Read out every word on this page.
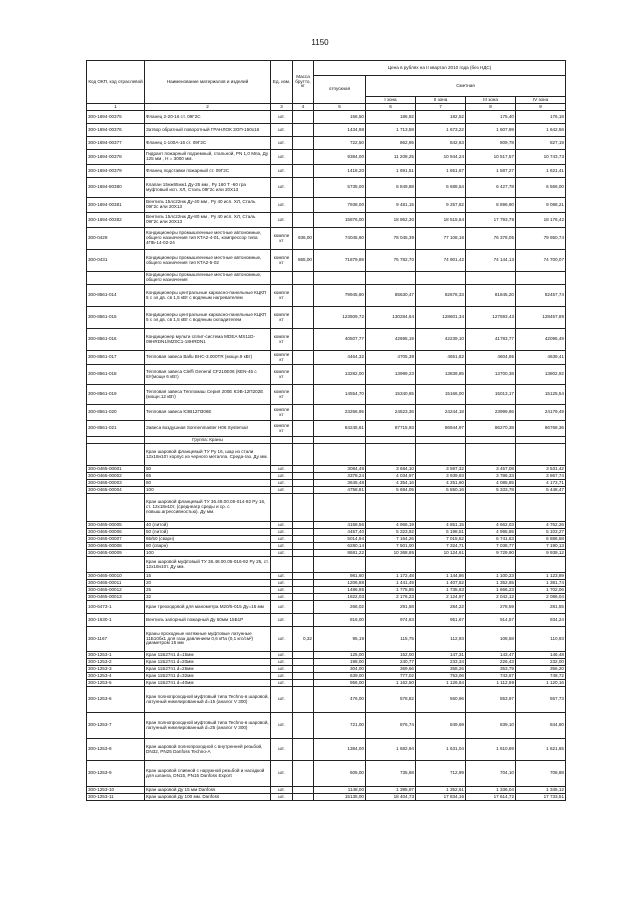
1150
Код ОКП, код отраслевой	Наименование материалов и изделий	Ед. изм.	Масса брутто, кг	Цена в рублях на II квартал 2010 года (без НДС)				
				отпускная	Сметная			
					I зона	II зона	III зона	IV зона
1	2	3	4	5	6	7	8	9
300-1694-00375	Фланец 2-20-16 ст. 09Г2С	шт.		156,50	186,92	182,52	175,40	176,18
300-1694-00376	Затвор обратный поворотный ГРАНЛОК ЗОП-150х16	шт.		1434,98	1 713,58	1 673,22	1 607,99	1 642,56
300-1694-00377	Фланец 1-100А-16 ст. 09Г2С	шт.		722,50	862,95	842,63	809,78	827,19
300-1694-00378	Гидрант пожарный подземный, стальной, PN 1,0 Мпа, Ду 125 мм , Н = 3000 мм.	шт.		9384,00	11 208,25	10 944,24	10 517,57	10 743,73
300-1694-00379	Фланец подставки пожарный ст. 09Г2С	шт.		1418,20	1 691,51	1 651,67	1 587,27	1 621,41
300-1694-80380	Клапан 15нж65нж1 Ду-25 мм , Ру 160 Т -60 гра муфтовый исп. ХЛ, Сталь 09Г2с или 20Х13	шт.		5735,00	6 849,88	6 688,54	6 427,78	6 566,00
300-1694-00381	Вентиль 15лс22нж Ду-40 мм , Ру 40 исп. ХЛ, Сталь 09Г2с или 20Х13	шт.		7938,00	9 481,15	9 257,82	8 896,90	9 088,21
300-1694-00382	Вентиль 15лс22нж Ду-80 мм , Ру 40 исп. ХЛ, Сталь 09Г2с или 20Х13	шт.		15876,00	18 962,30	18 515,64	17 793,79	18 176,42
300-0429	Кондиционеры промышленные местные автономные, общего назначения тип КТА2-4-01, компрессор типа 4ПБ-14-02-24	компле кт	936,00	74045,60	78 045,39	77 108,16	76 378,05	79 950,74
300-0431	Кондиционеры промышленные местные автономные, общего назначения тип КТА2-5-02	компле кт	865,00	71879,89	75 782,70	74 901,42	74 144,13	74 700,07
	Кондиционеры промышленные местные автономные, общего назначения							
300-8561-014	Кондиционеры центральные каркасно-панельные КЦКП 5 с эл.дв. св 1,5 кВт с водяным нагревателем	компле кт		79945,80	85630,47	82678,33	81845,20	82457,74
300-8561-015	Кондиционеры центральные каркасно-панельные КЦКП 5 с эл.дв. св 1,5 кВт с водяным охладителем	компле кт		123509,72	130284,64	128601,34	127593,43	128457,89
300-8561-016	Кондиционер мульти сплит-система MDEA MS11D-09HRDN1/MZ0C1-18HRDN1	компле кт		40507,77	42695,19	42239,10	41783,77	42096,49
300-8561-017	Тепловая завеса Ballu BHC-3.000TR (мощн.9 кВт)	компле кт		4464,32	4705,39	4651,82	4604,95	4639,41
300-8561-018	Тепловая завеса Cleffi General CF210E06 (КЕN-45 с 6У(мощн 6 кВт)	компле кт		13282,00	13999,23	13839,85	13700,38	13802,92
300-8561-019	Тепловая завеса Тепломаш Серия 200Е КЭВ-12П202Е (мощн.12 кВт)	компле кт		14554,70	15340,65	15166,00	15013,17	15125,54
300-8561-020	Тепловая завеса КЭВ12П306Е	компле кт		23266,95	24523,36	24244,18	23999,86	24179,49
300-8561-021	Завеса воздушная Sonnenmaster H06 Systemair	компле кт		84245,61	87715,93	86944,97	86270,38	86768,36
	Группа: Краны							
	Кран шаровой фланцевый ТУ Ру 16, шар из стали 12х18н10т корпус из черного металла. Среда-газ. Ду мм.							
300-0465-00001	50	шт.		3084,48	3 684,10	3 597,32	3 457,08	3 531,42
300-0465-00002	65	шт.		3378,24	4 034,97	3 939,93	3 786,33	3 867,74
300-0465-00003	80	шт.		3645,48	4 354,16	4 251,60	4 085,85	4 173,71
300-0465-00004	100	шт.		4758,81	5 684,05	5 550,16	5 333,78	5 448,47
	Кран шаровой фланцевый ТУ 36.48.00.05-014-92 Ру 16, ст. 12х18н10т, (среднеагр среды и ср. с повыш.агрессивностью). Ду мм.							
300-0465-00005	40 (литой)	шт.		4158,56	4 966,19	4 851,15	4 662,03	4 762,26
300-0465-00006	50 (литой)	шт.		4457,40	5 323,92	5 198,51	4 995,85	5 103,27
300-0465-00007	65/50 (сварн)	шт.		5014,94	7 164,26	7 015,52	6 741,63	6 886,58
300-0465-00008	80 (сварн)	шт.		6280,14	7 501,00	7 324,71	7 038,77	7 190,13
300-0465-00009	100	шт.		8681,22	10 368,85	10 124,61	9 729,90	9 939,12
	Кран шаровой муфтовый ТУ 36.48.00.05-016-92 Ру 25, ст. 12х18н10т. Ду мм.							
300-0465-00010	15	шт.		981,60	1 172,48	1 144,86	1 100,23	1 123,89
300-0465-00011	20	шт.		1206,88	1 441,49	1 407,52	1 352,65	1 381,74
300-0465-00012	25	шт.		1486,85	1 775,85	1 735,63	1 666,23	1 702,06
300-0465-00013	32	шт.		1822,03	2 176,23	2 124,97	2 042,12	2 086,04
100-6473-1	Кран трехходовой для манометра М20/5-015 Ду=15 мм	шт.		266,02	291,58	284,22	278,59	281,55
300-1630-1	Вентиль запорный пожарный Ду 50мм 15Б1Р	шт.		816,00	974,63	951,67	914,57	934,24
300-1167	Краны проходные натяжные муфтовые латунные 11Б10бк1 для газа давлением 0,6 кПа (0,1 кгс/см²) диаметром 15 мм	шт.	0,32	95,19	115,75	112,93	108,58	110,93
300-1253-1	Кран 11Б27п1 d=15мм	шт.		125,00	152,00	147,31	143,47	146,48
300-1253-2	Кран 11Б27п1 d=20мм	шт.		198,00	240,77	233,34	226,43	232,00
300-1253-3	Кран 11Б27п1 d=25мм	шт.		304,00	369,66	358,26	353,79	356,20
300-1253-4	Кран 11Б27п1 d=32мм	шт.		639,00	777,02	753,06	743,67	748,72
300-1253-5	Кран 11Б27п1 d=40мм	шт.		956,00	1 162,50	1 126,64	1 112,59	1 120,16
300-1253-6	Кран полнопроходной муфтовый типа Techno-в шаровой, латунный никелированный d=15 (аналог V 300)	шт.		476,00	578,82	560,96	553,97	557,73
300-1253-7	Кран полнопроходной муфтовый типа Techno-в шаровой, латунный никелированный d=25 (аналог V 300)	шт.		721,00	876,74	849,69	839,10	844,80
300-1253-8	Кран шаровой полнопроходной с внутренней резьбой, DN32, PN25 Danfoss Techno-A	шт.		1384,00	1 682,94	1 631,04	1 610,69	1 621,65
300-1253-9	Кран шаровой сливной с наружной резьбой и насадкой для шланга, DN15, PN15 Danfoss Export	шт.		605,00	735,68	712,99	704,10	708,88
300-1253-10	Кран шаровой Ду 15 мм Danfoss	шт.		1148,00	1 395,97	1 352,61	1 336,04	1 345,12
300-1253-11	Кран шаровой Ду 100 мм. Danfoss	шт.		15135,00	18 404,73	17 834,16	17 614,72	17 733,51
